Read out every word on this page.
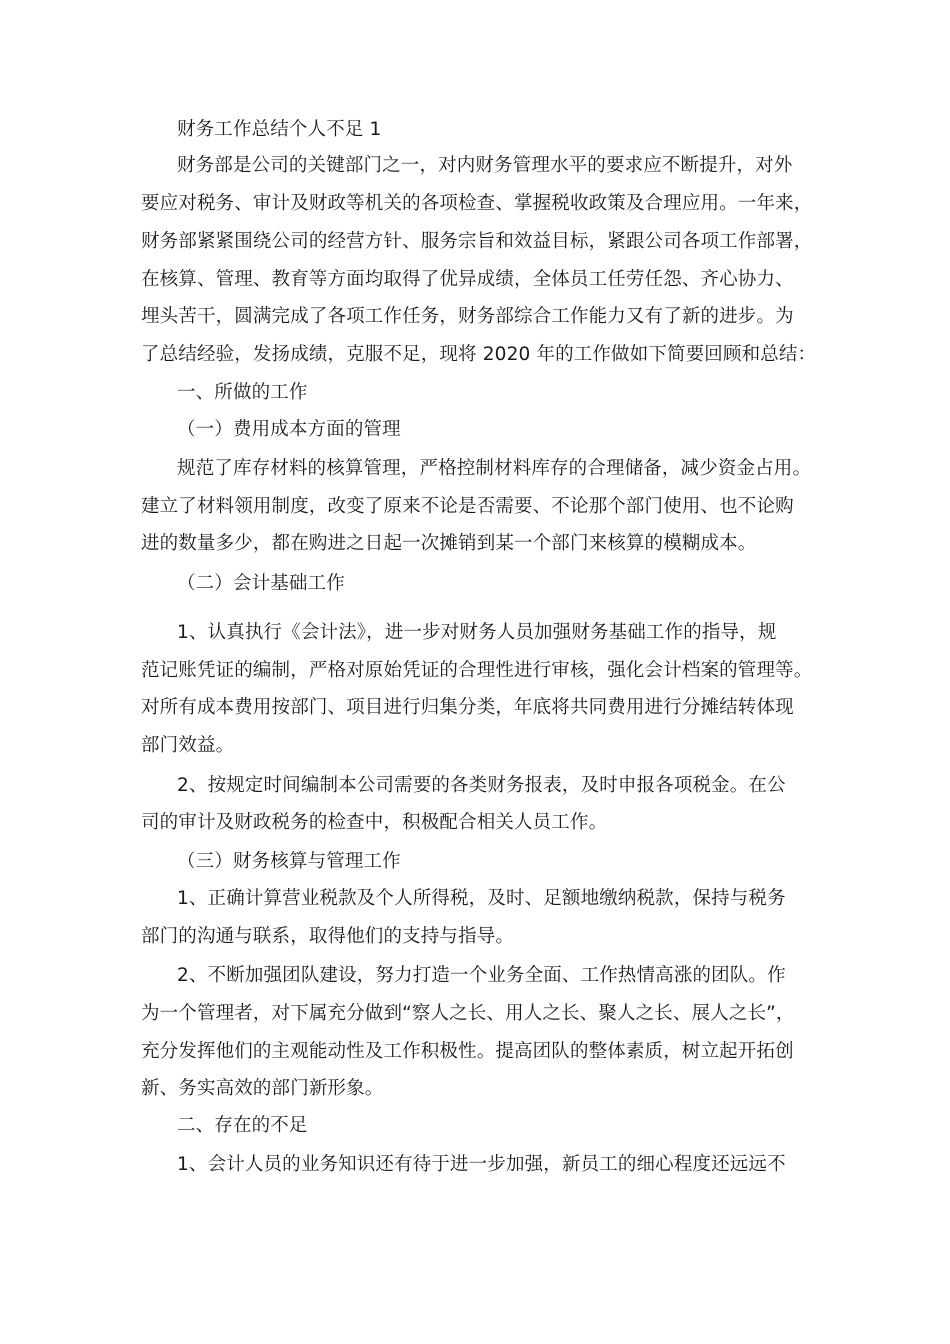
财务工作总结个人不足 1
财务部是公司的关键部门之一，对内财务管理水平的要求应不断提升，对外
要应对税务、审计及财政等机关的各项检查、掌握税收政策及合理应用。一年来，
财务部紧紧围绕公司的经营方针、服务宗旨和效益目标，紧跟公司各项工作部署，
在核算、管理、教育等方面均取得了优异成绩，全体员工任劳任怨、齐心协力、
埋头苦干，圆满完成了各项工作任务，财务部综合工作能力又有了新的进步。为
了总结经验，发扬成绩，克服不足，现将 2020 年的工作做如下简要回顾和总结：
一、所做的工作
（一）费用成本方面的管理
规范了库存材料的核算管理，严格控制材料库存的合理储备，减少资金占用。
建立了材料领用制度，改变了原来不论是否需要、不论那个部门使用、也不论购
进的数量多少，都在购进之日起一次摊销到某一个部门来核算的模糊成本。
（二）会计基础工作
1、认真执行《会计法》，进一步对财务人员加强财务基础工作的指导，规
范记账凭证的编制，严格对原始凭证的合理性进行审核，强化会计档案的管理等。
对所有成本费用按部门、项目进行归集分类，年底将共同费用进行分摊结转体现
部门效益。
2、按规定时间编制本公司需要的各类财务报表，及时申报各项税金。在公
司的审计及财政税务的检查中，积极配合相关人员工作。
（三）财务核算与管理工作
1、正确计算营业税款及个人所得税，及时、足额地缴纳税款，保持与税务
部门的沟通与联系，取得他们的支持与指导。
2、不断加强团队建设，努力打造一个业务全面、工作热情高涨的团队。作
为一个管理者，对下属充分做到“察人之长、用人之长、聚人之长、展人之长”，
充分发挥他们的主观能动性及工作积极性。提高团队的整体素质，树立起开拓创
新、务实高效的部门新形象。
二、存在的不足
1、会计人员的业务知识还有待于进一步加强，新员工的细心程度还远远不
